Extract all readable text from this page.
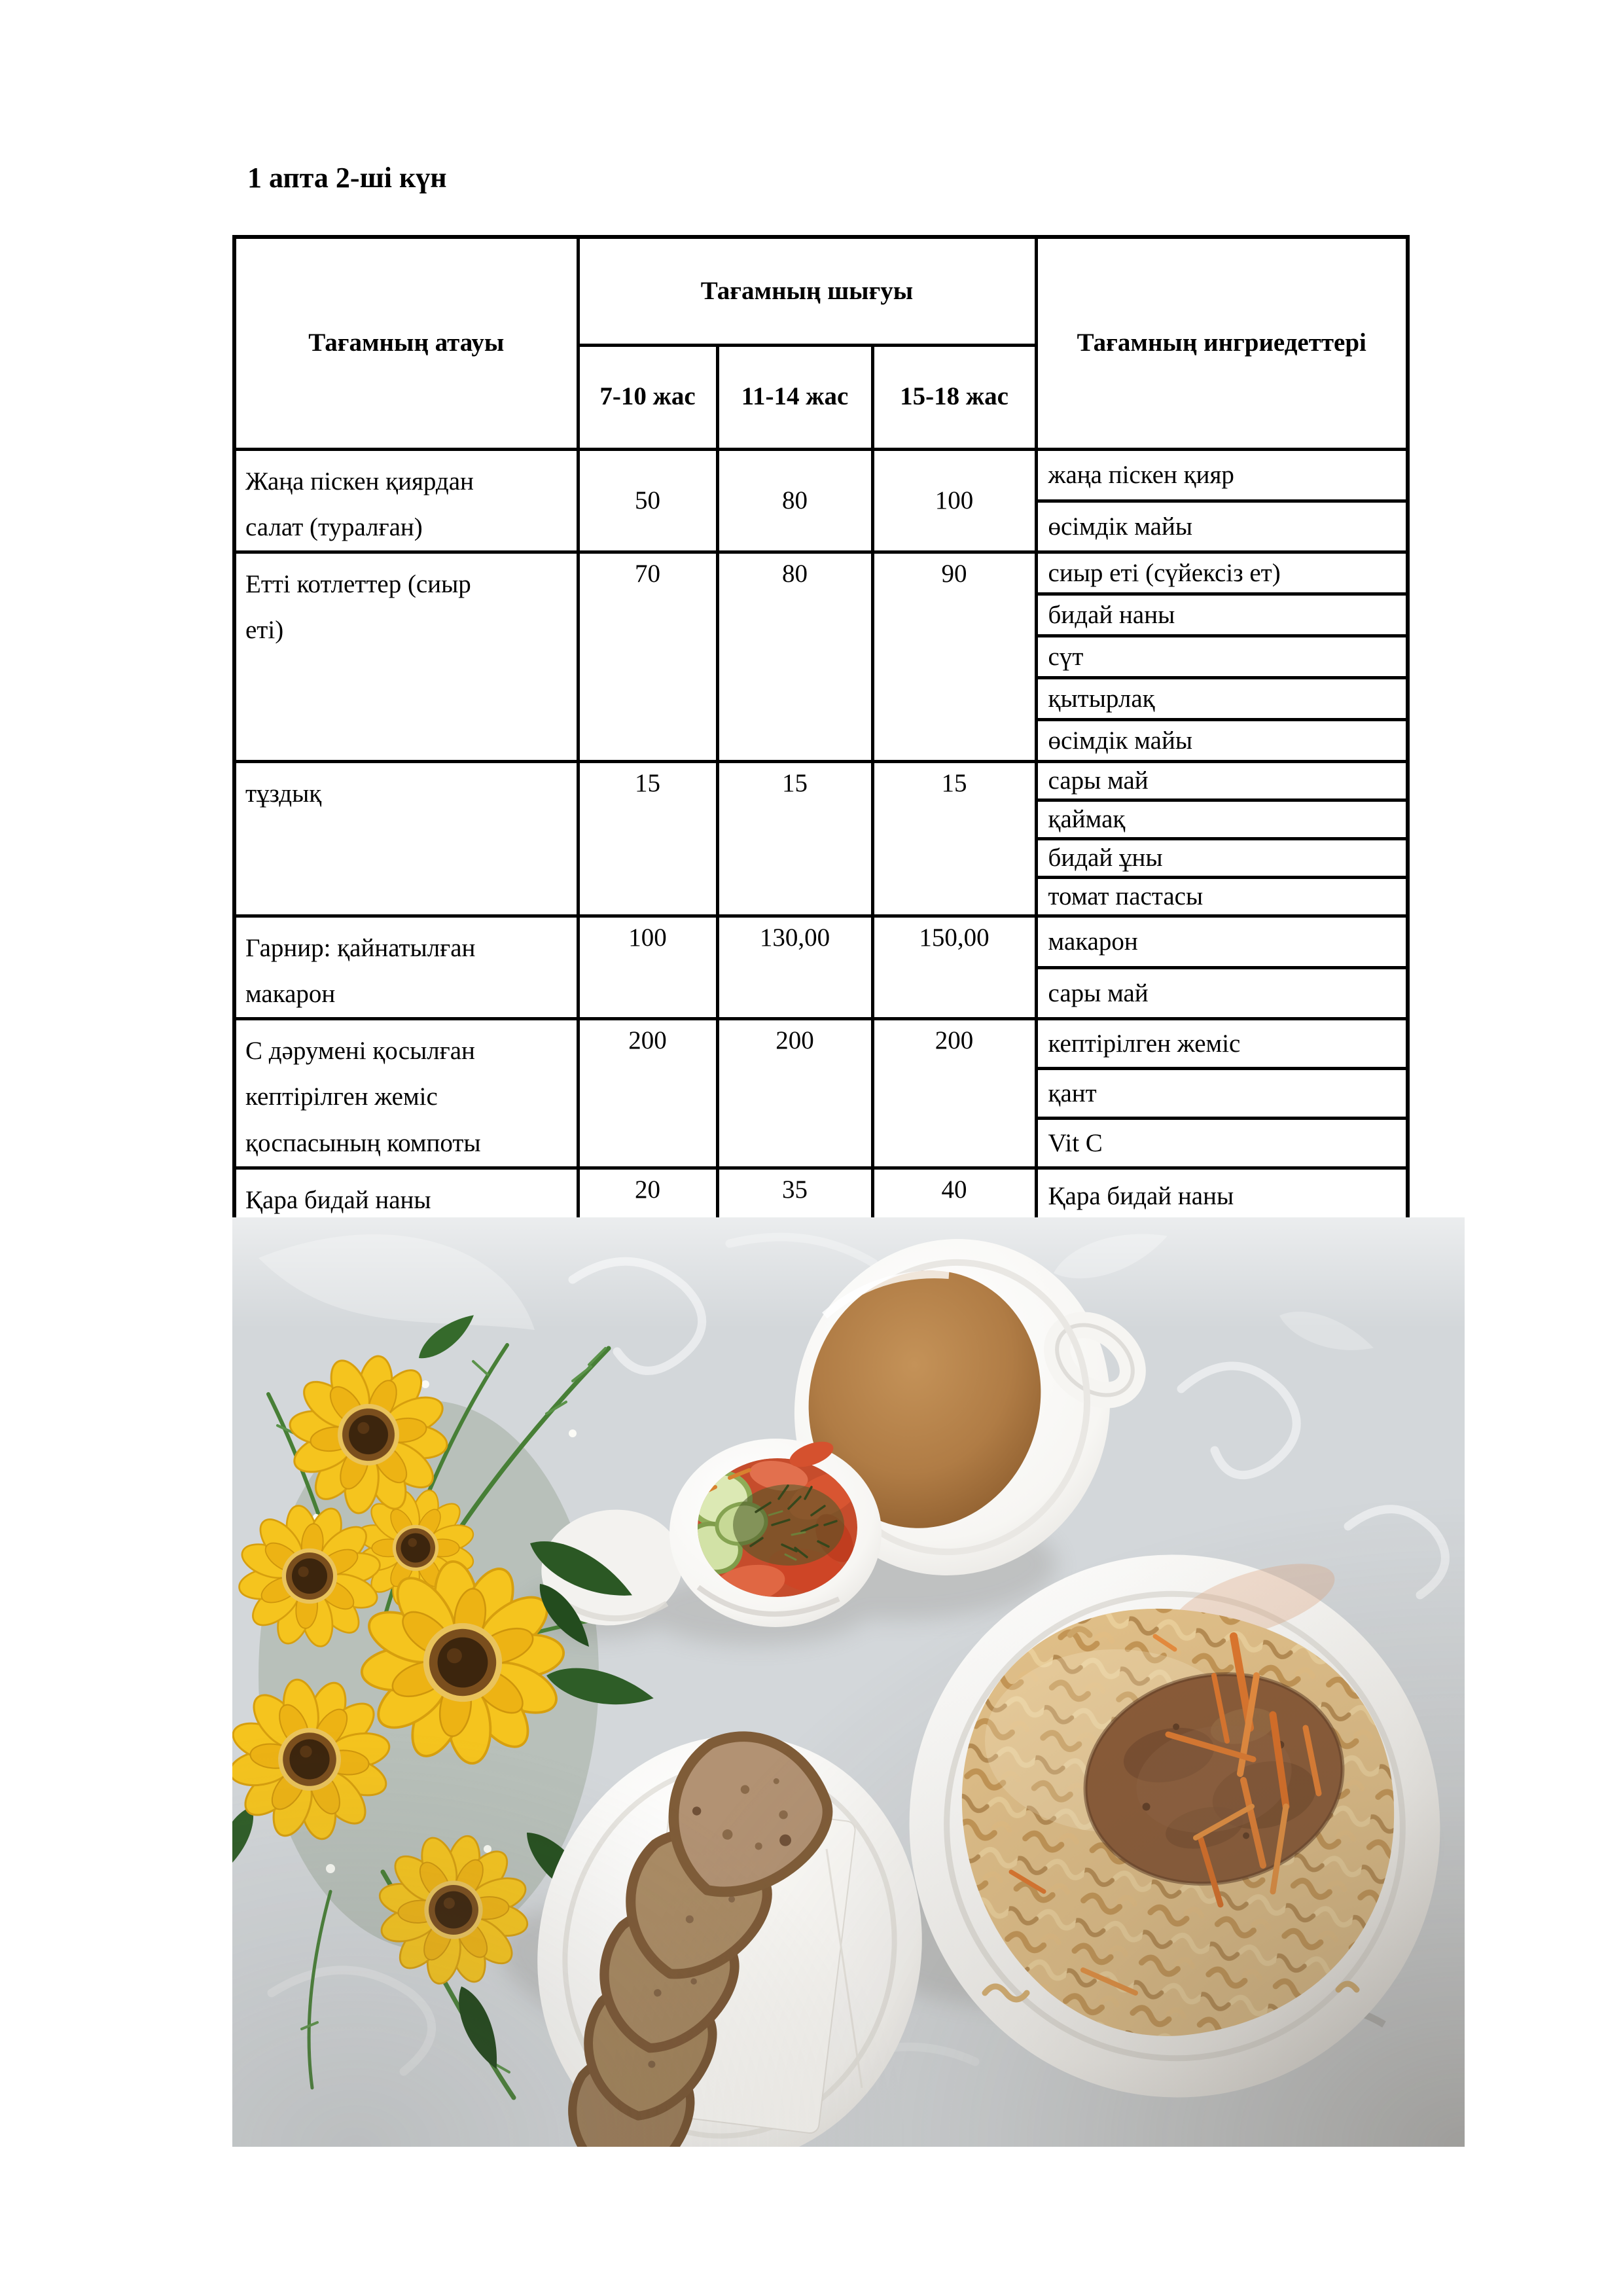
1 апта 2-ші күн
Тағамның атауы	Тағамның шығуы			Тағамның ингриедеттері
	7-10 жас	11-14 жас	15-18 жас	
Жаңа піскен қиярдан салат (туралған)	50	80	100	жаңа піскен қияр
				өсімдік майы
Етті котлеттер (сиыр еті)	70	80	90	сиыр еті (сүйексіз ет)
				бидай наны
				сүт
				қытырлақ
				өсімдік майы
тұздық	15	15	15	сары май
				қаймақ
				бидай ұны
				томат пастасы
Гарнир: қайнатылған макарон	100	130,00	150,00	макарон
				сары май
С дәрумені қосылған кептірілген жеміс қоспасының компоты	200	200	200	кептірілген жеміс
				қант
				Vit C
Қара бидай наны	20	35	40	Қара бидай наны
